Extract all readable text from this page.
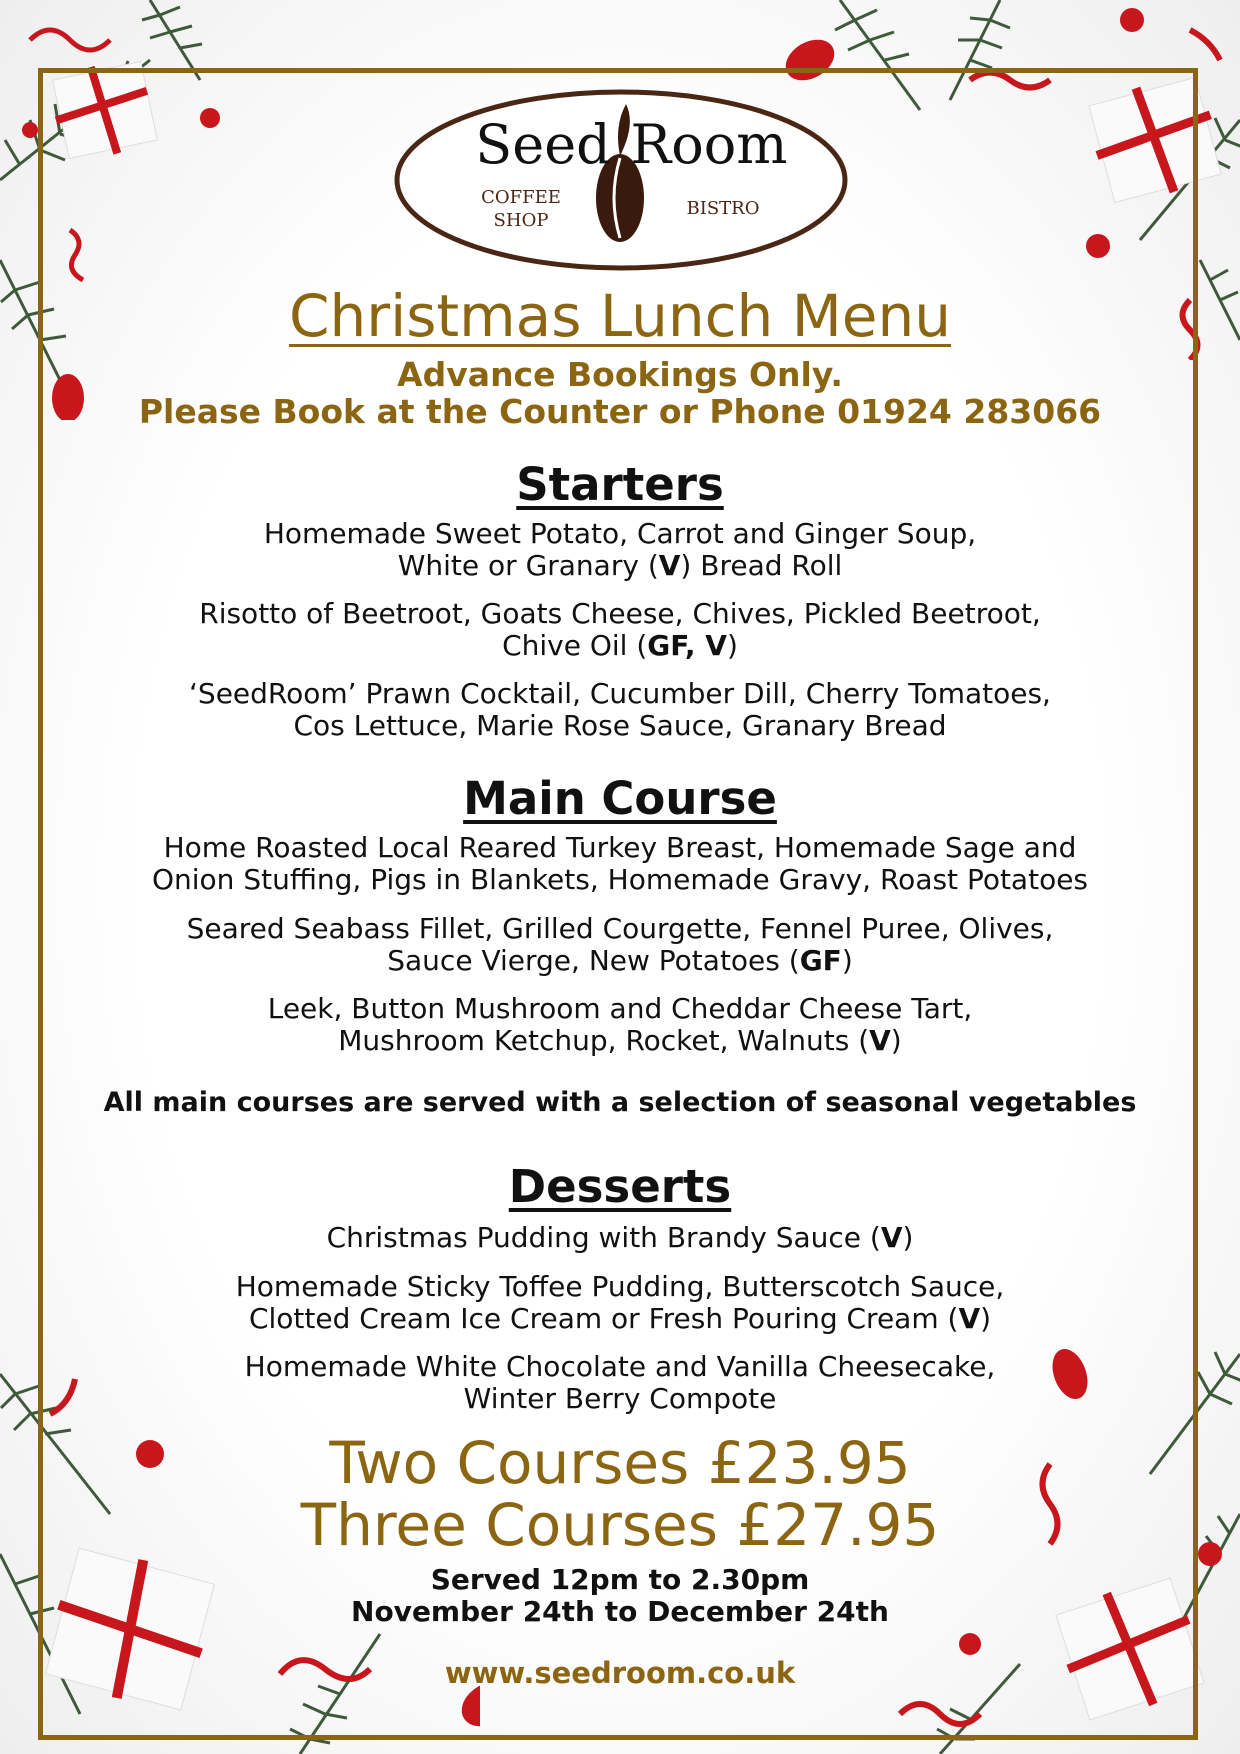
Seed Room
COFFEE
SHOP
BISTRO
Christmas Lunch Menu
Advance Bookings Only.
Please Book at the Counter or Phone 01924 283066
Starters
Homemade Sweet Potato, Carrot and Ginger Soup,
White or Granary (V) Bread Roll
Risotto of Beetroot, Goats Cheese, Chives, Pickled Beetroot,
Chive Oil (GF, V)
‘SeedRoom’ Prawn Cocktail, Cucumber Dill, Cherry Tomatoes,
Cos Lettuce, Marie Rose Sauce, Granary Bread
Main Course
Home Roasted Local Reared Turkey Breast, Homemade Sage and
Onion Stuffing, Pigs in Blankets, Homemade Gravy, Roast Potatoes
Seared Seabass Fillet, Grilled Courgette, Fennel Puree, Olives,
Sauce Vierge, New Potatoes (GF)
Leek, Button Mushroom and Cheddar Cheese Tart,
Mushroom Ketchup, Rocket, Walnuts (V)
All main courses are served with a selection of seasonal vegetables
Desserts
Christmas Pudding with Brandy Sauce (V)
Homemade Sticky Toffee Pudding, Butterscotch Sauce,
Clotted Cream Ice Cream or Fresh Pouring Cream (V)
Homemade White Chocolate and Vanilla Cheesecake,
Winter Berry Compote
Two Courses £23.95
Three Courses £27.95
Served 12pm to 2.30pm
November 24th to December 24th
www.seedroom.co.uk
